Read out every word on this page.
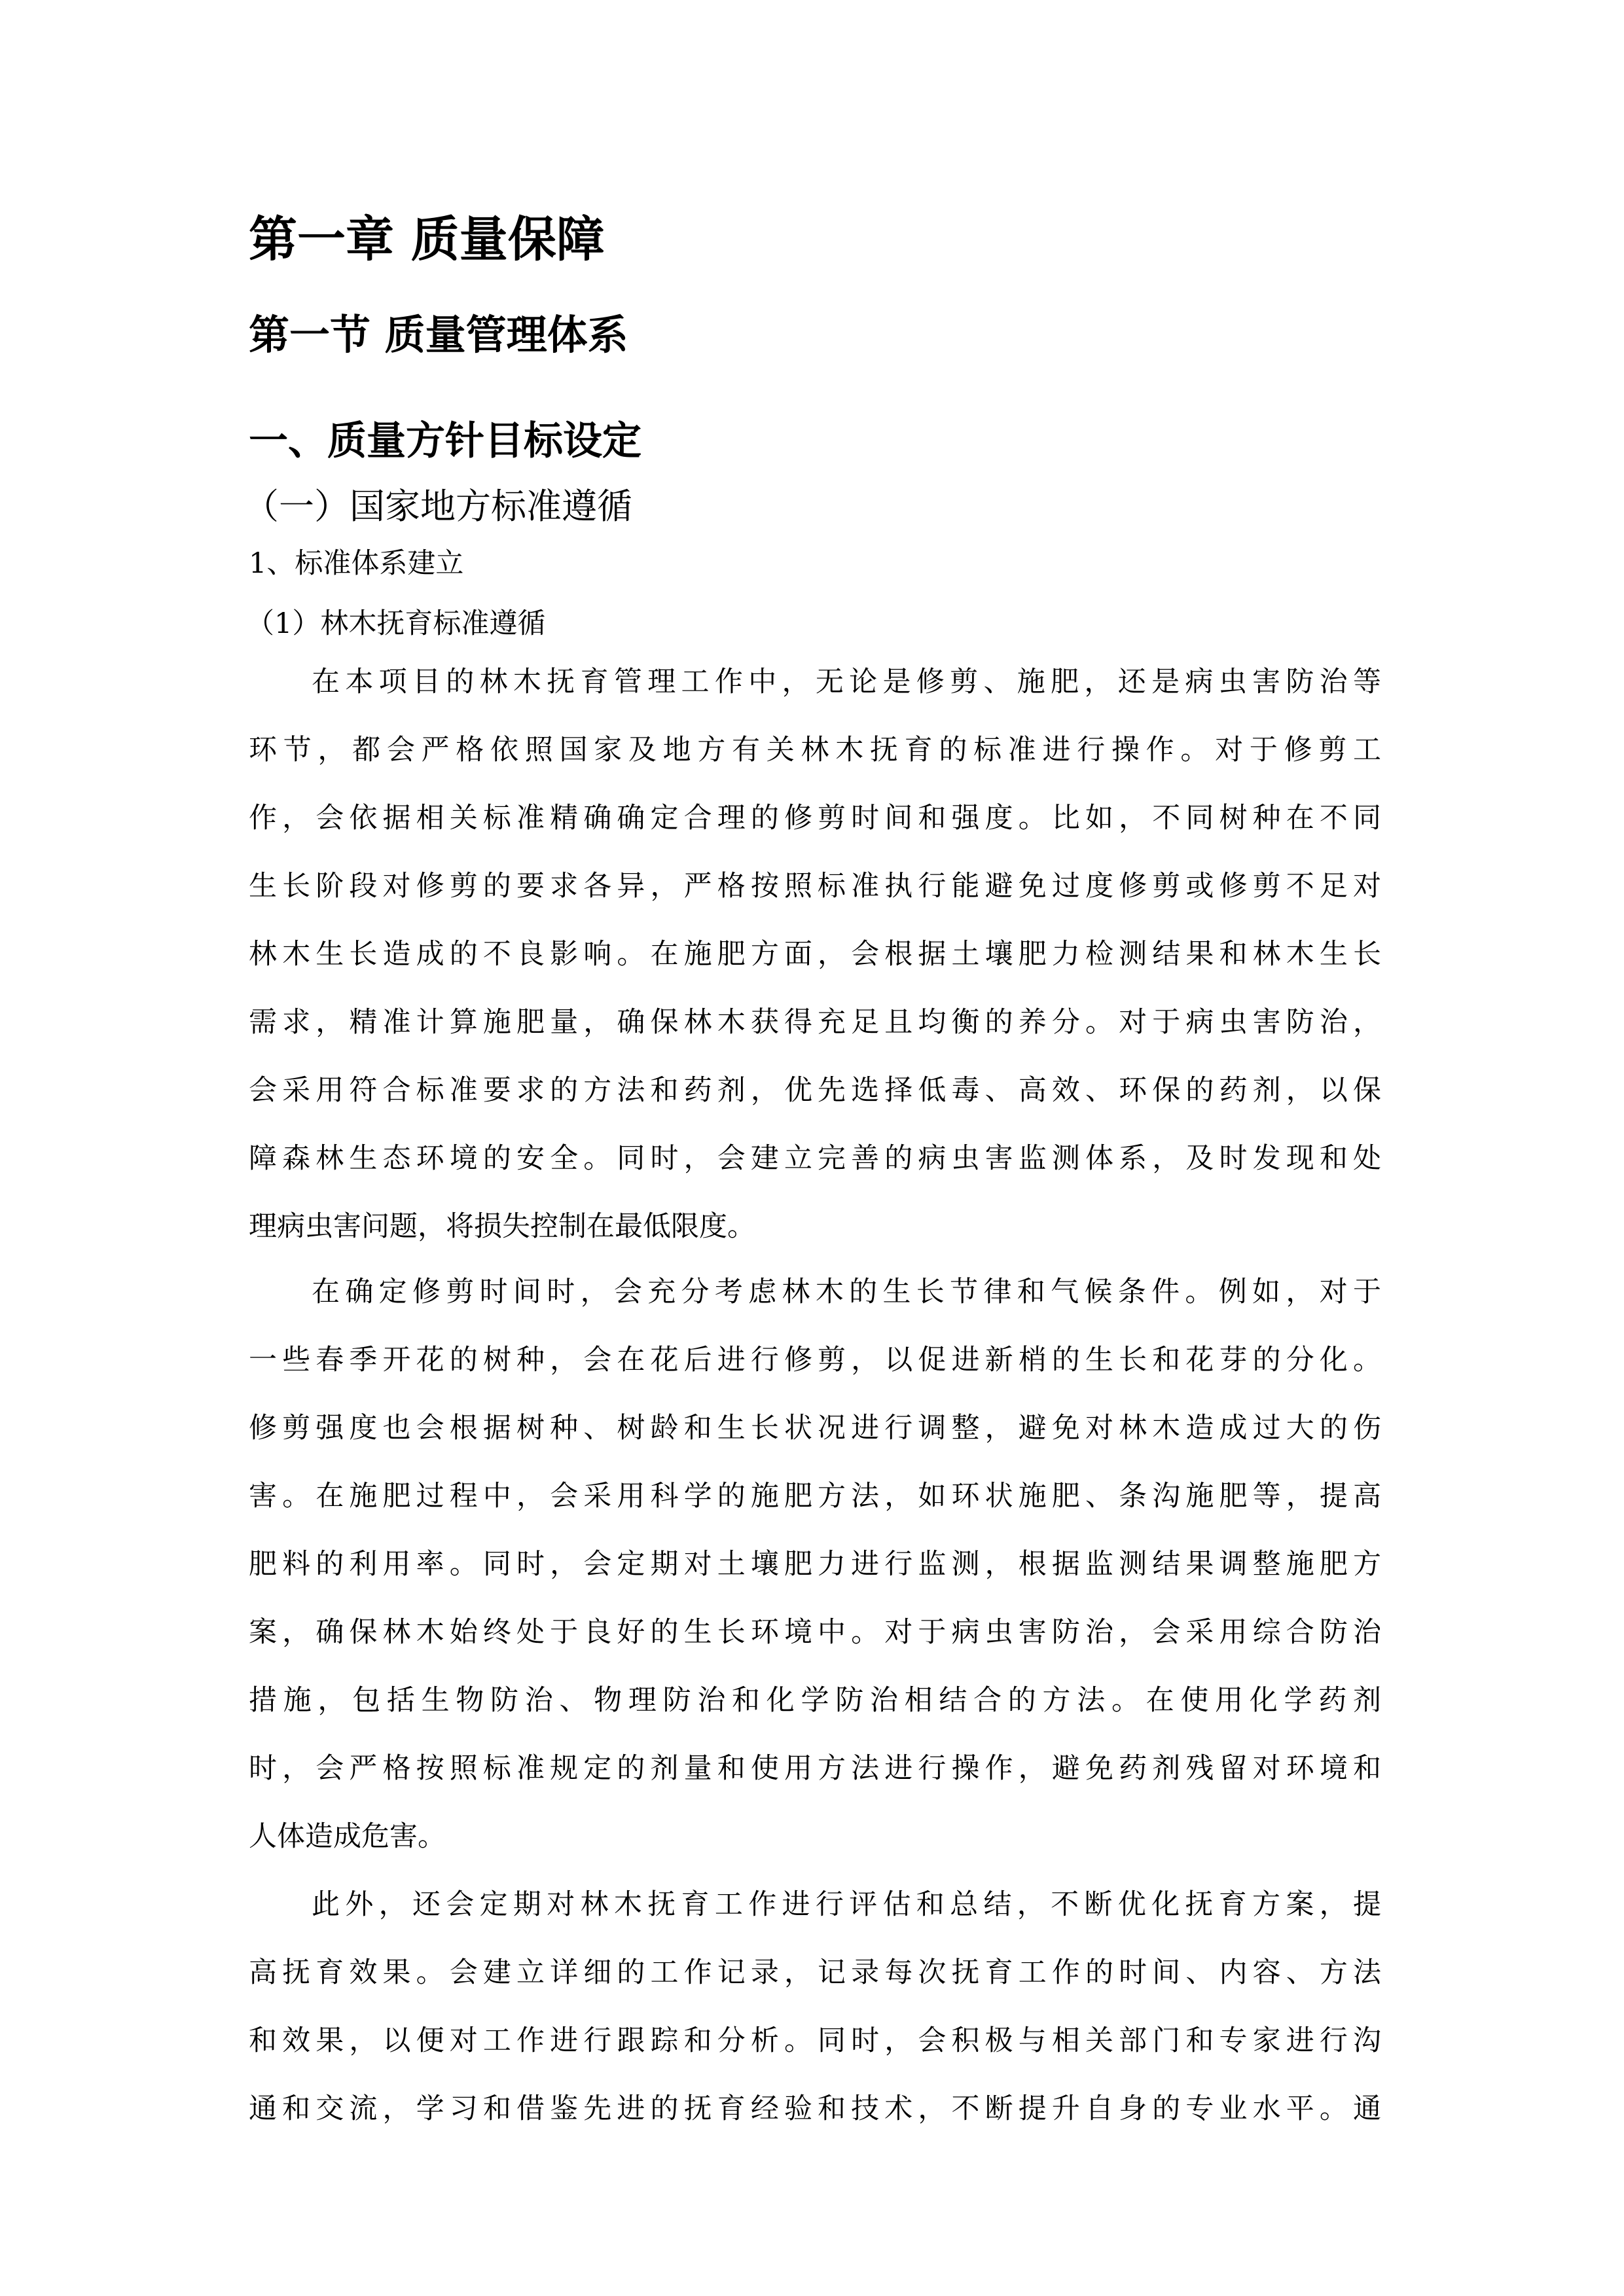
第一章 质量保障
第一节 质量管理体系
一、质量方针目标设定
（一）国家地方标准遵循
1、标准体系建立
（1）林木抚育标准遵循
在本项目的林木抚育管理工作中，无论是修剪、施肥，还是病虫害防治等
环节，都会严格依照国家及地方有关林木抚育的标准进行操作。对于修剪工
作，会依据相关标准精确确定合理的修剪时间和强度。比如，不同树种在不同
生长阶段对修剪的要求各异，严格按照标准执行能避免过度修剪或修剪不足对
林木生长造成的不良影响。在施肥方面，会根据土壤肥力检测结果和林木生长
需求，精准计算施肥量，确保林木获得充足且均衡的养分。对于病虫害防治，
会采用符合标准要求的方法和药剂，优先选择低毒、高效、环保的药剂，以保
障森林生态环境的安全。同时，会建立完善的病虫害监测体系，及时发现和处
理病虫害问题，将损失控制在最低限度。
在确定修剪时间时，会充分考虑林木的生长节律和气候条件。例如，对于
一些春季开花的树种，会在花后进行修剪，以促进新梢的生长和花芽的分化。
修剪强度也会根据树种、树龄和生长状况进行调整，避免对林木造成过大的伤
害。在施肥过程中，会采用科学的施肥方法，如环状施肥、条沟施肥等，提高
肥料的利用率。同时，会定期对土壤肥力进行监测，根据监测结果调整施肥方
案，确保林木始终处于良好的生长环境中。对于病虫害防治，会采用综合防治
措施，包括生物防治、物理防治和化学防治相结合的方法。在使用化学药剂
时，会严格按照标准规定的剂量和使用方法进行操作，避免药剂残留对环境和
人体造成危害。
此外，还会定期对林木抚育工作进行评估和总结，不断优化抚育方案，提
高抚育效果。会建立详细的工作记录，记录每次抚育工作的时间、内容、方法
和效果，以便对工作进行跟踪和分析。同时，会积极与相关部门和专家进行沟
通和交流，学习和借鉴先进的抚育经验和技术，不断提升自身的专业水平。通
